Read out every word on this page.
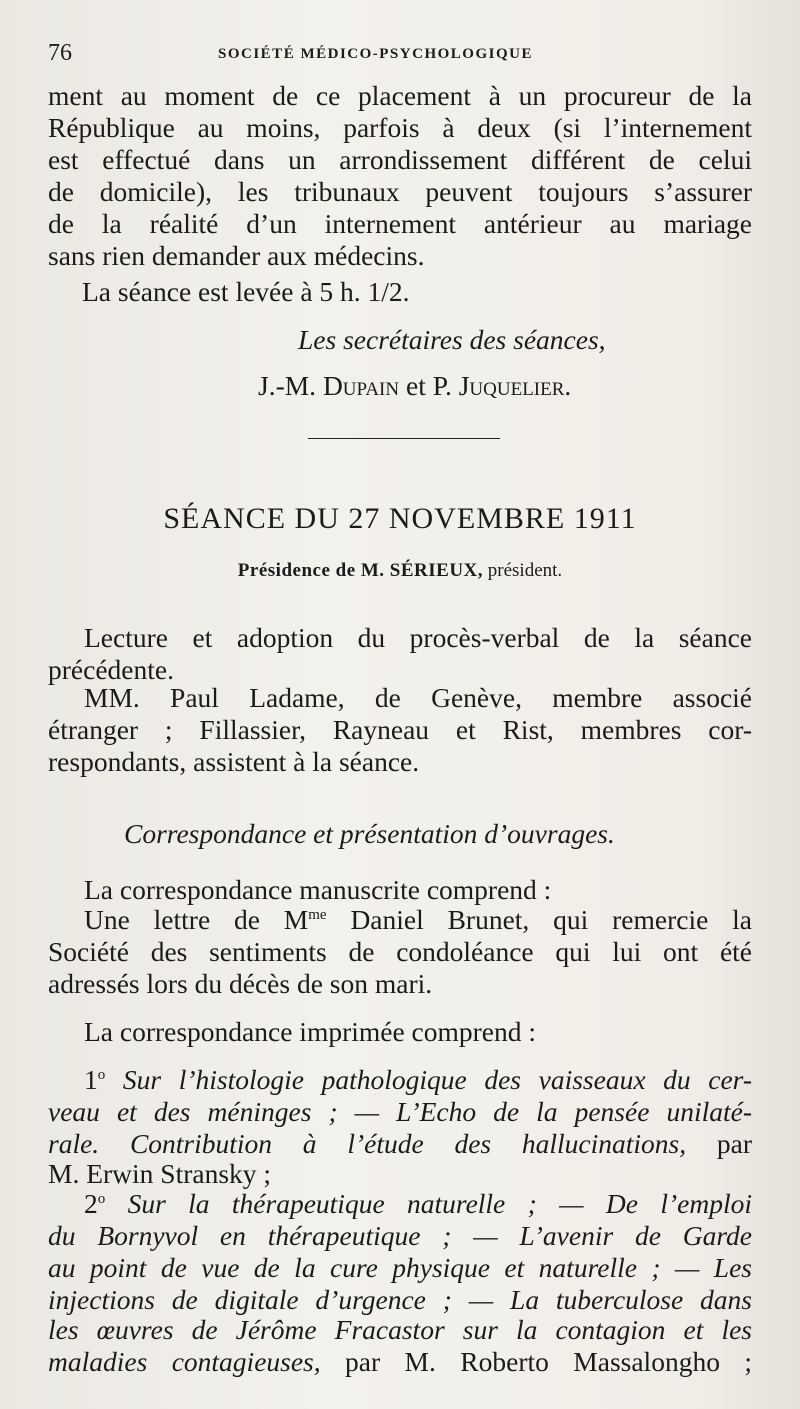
76	SOCIÉTÉ MÉDICO-PSYCHOLOGIQUE
ment au moment de ce placement à un procureur de la
République au moins, parfois à deux (si l’internement
est effectué dans un arrondissement différent de celui
de domicile), les tribunaux peuvent toujours s’assurer
de la réalité d’un internement antérieur au mariage
sans rien demander aux médecins.
La séance est levée à 5 h. 1/2.
Les secrétaires des séances,
J.-M. Dupain et P. Juquelier.
SÉANCE DU 27 NOVEMBRE 1911
Présidence de M. SÉRIEUX, président.
Lecture et adoption du procès-verbal de la séance
précédente.
MM. Paul Ladame, de Genève, membre associé
étranger ; Fillassier, Rayneau et Rist, membres cor-
respondants, assistent à la séance.
Correspondance et présentation d’ouvrages.
La correspondance manuscrite comprend :
Une lettre de $M^{me}$ Daniel Brunet, qui remercie la
Société des sentiments de condoléance qui lui ont été
adressés lors du décès de son mari.
La correspondance imprimée comprend :
1$^o$ Sur l’histologie pathologique des vaisseaux du cer-
veau et des méninges ; — L’Echo de la pensée unilaté-
rale. Contribution à l’étude des hallucinations, par
M. Erwin Stransky ;
2$^o$ Sur la thérapeutique naturelle ; — De l’emploi
du Bornyvol en thérapeutique ; — L’avenir de Garde
au point de vue de la cure physique et naturelle ; — Les
injections de digitale d’urgence ; — La tuberculose dans
les œuvres de Jérôme Fracastor sur la contagion et les
maladies contagieuses, par M. Roberto Massalongho ;
